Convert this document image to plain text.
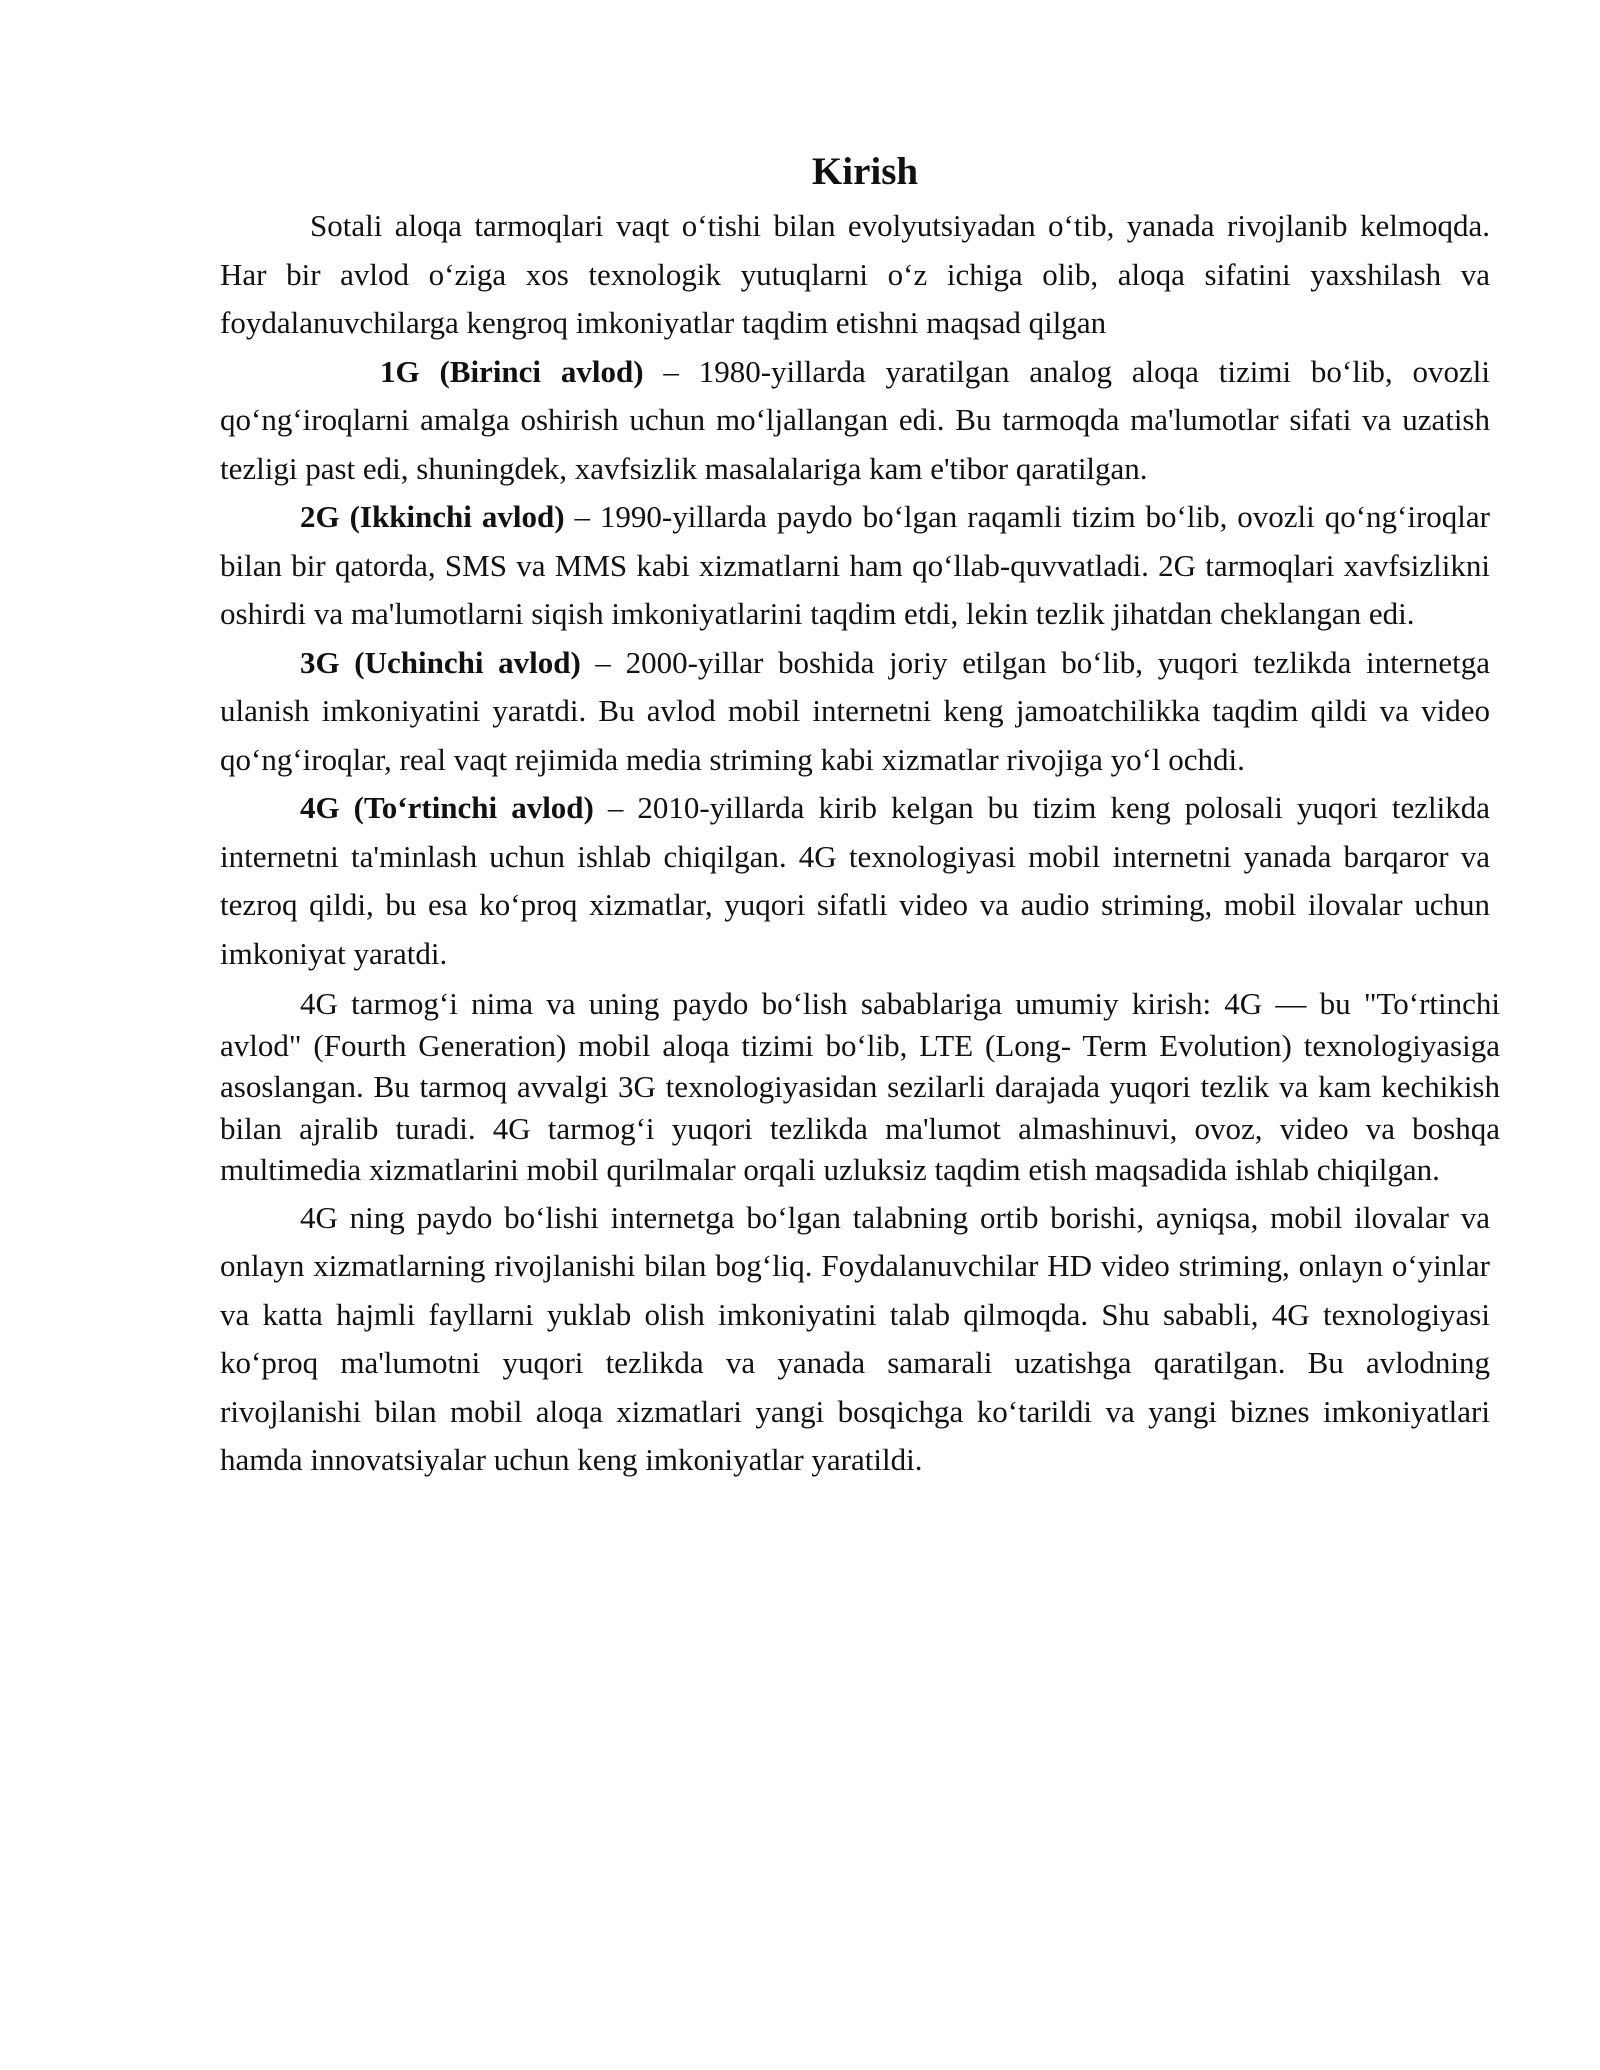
Kirish

Sotali aloqa tarmoqlari vaqt o‘tishi bilan evolyutsiyadan o‘tib, yanada rivojlanib kelmoqda. Har bir avlod o‘ziga xos texnologik yutuqlarni o‘z ichiga olib, aloqa sifatini yaxshilash va foydalanuvchilarga kengroq imkoniyatlar taqdim etishni maqsad qilgan

1G (Birinci avlod) – 1980-yillarda yaratilgan analog aloqa tizimi bo‘lib, ovozli qo‘ng‘iroqlarni amalga oshirish uchun mo‘ljallangan edi. Bu tarmoqda ma'lumotlar sifati va uzatish tezligi past edi, shuningdek, xavfsizlik masalalariga kam e'tibor qaratilgan.

2G (Ikkinchi avlod) – 1990-yillarda paydo bo‘lgan raqamli tizim bo‘lib, ovozli qo‘ng‘iroqlar bilan bir qatorda, SMS va MMS kabi xizmatlarni ham qo‘llab-quvvatladi. 2G tarmoqlari xavfsizlikni oshirdi va ma'lumotlarni siqish imkoniyatlarini taqdim etdi, lekin tezlik jihatdan cheklangan edi.

3G (Uchinchi avlod) – 2000-yillar boshida joriy etilgan bo‘lib, yuqori tezlikda internetga ulanish imkoniyatini yaratdi. Bu avlod mobil internetni keng jamoatchilikka taqdim qildi va video qo‘ng‘iroqlar, real vaqt rejimida media striming kabi xizmatlar rivojiga yo‘l ochdi.

4G (To‘rtinchi avlod) – 2010-yillarda kirib kelgan bu tizim keng polosali yuqori tezlikda internetni ta'minlash uchun ishlab chiqilgan. 4G texnologiyasi mobil internetni yanada barqaror va tezroq qildi, bu esa ko‘proq xizmatlar, yuqori sifatli video va audio striming, mobil ilovalar uchun imkoniyat yaratdi.

4G tarmog‘i nima va uning paydo bo‘lish sabablariga umumiy kirish: 4G — bu "To‘rtinchi avlod" (Fourth Generation) mobil aloqa tizimi bo‘lib, LTE (Long- Term Evolution) texnologiyasiga asoslangan. Bu tarmoq avvalgi 3G texnologiyasidan sezilarli darajada yuqori tezlik va kam kechikish bilan ajralib turadi. 4G tarmog‘i yuqori tezlikda ma'lumot almashinuvi, ovoz, video va boshqa multimedia xizmatlarini mobil qurilmalar orqali uzluksiz taqdim etish maqsadida ishlab chiqilgan.

4G ning paydo bo‘lishi internetga bo‘lgan talabning ortib borishi, ayniqsa, mobil ilovalar va onlayn xizmatlarning rivojlanishi bilan bog‘liq. Foydalanuvchilar HD video striming, onlayn o‘yinlar va katta hajmli fayllarni yuklab olish imkoniyatini talab qilmoqda. Shu sababli, 4G texnologiyasi ko‘proq ma'lumotni yuqori tezlikda va yanada samarali uzatishga qaratilgan. Bu avlodning rivojlanishi bilan mobil aloqa xizmatlari yangi bosqichga ko‘tarildi va yangi biznes imkoniyatlari hamda innovatsiyalar uchun keng imkoniyatlar yaratildi.
